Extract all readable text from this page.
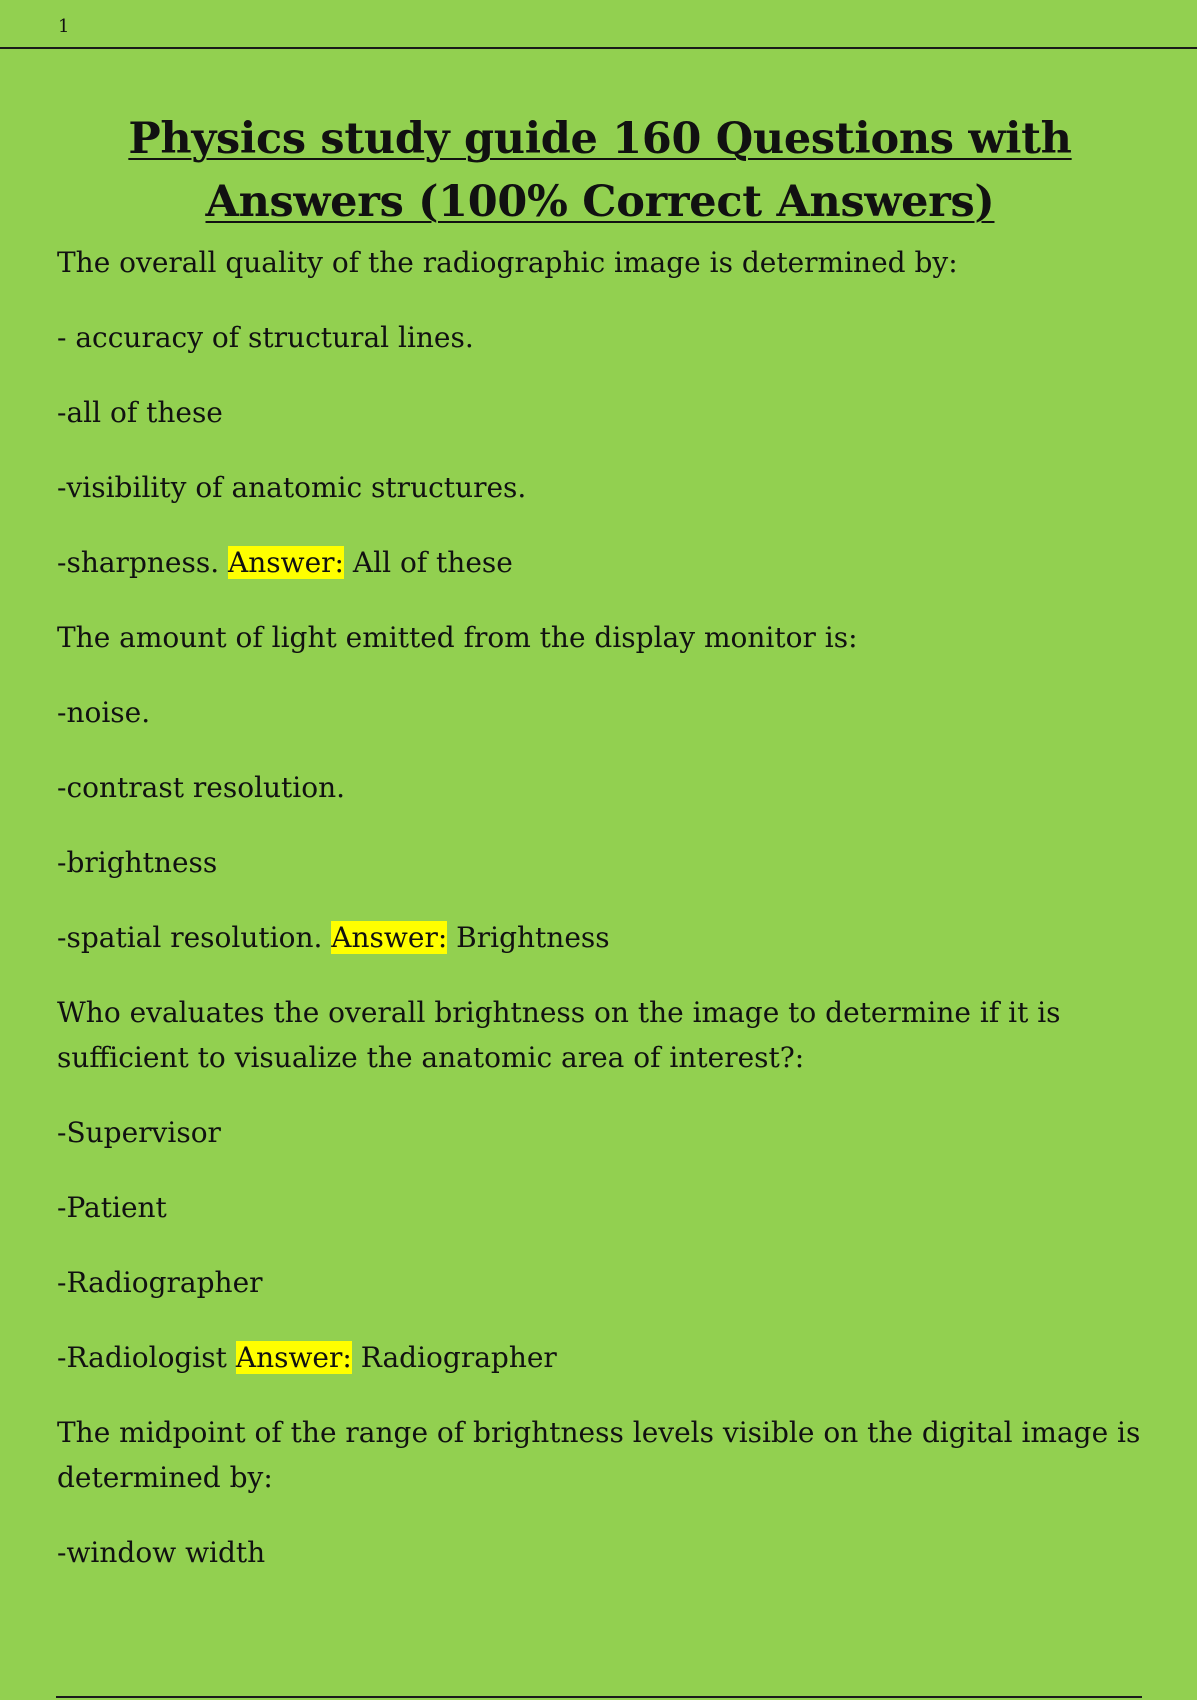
1
Physics study guide 160 Questions with
Answers (100% Correct Answers)

The overall quality of the radiographic image is determined by:

- accuracy of structural lines.

-all of these

-visibility of anatomic structures.

-sharpness. Answer: All of these

The amount of light emitted from the display monitor is:

-noise.

-contrast resolution.

-brightness

-spatial resolution. Answer: Brightness

Who evaluates the overall brightness on the image to determine if it is sufficient to visualize the anatomic area of interest?:

-Supervisor

-Patient

-Radiographer

-Radiologist Answer: Radiographer

The midpoint of the range of brightness levels visible on the digital image is determined by:

-window width
